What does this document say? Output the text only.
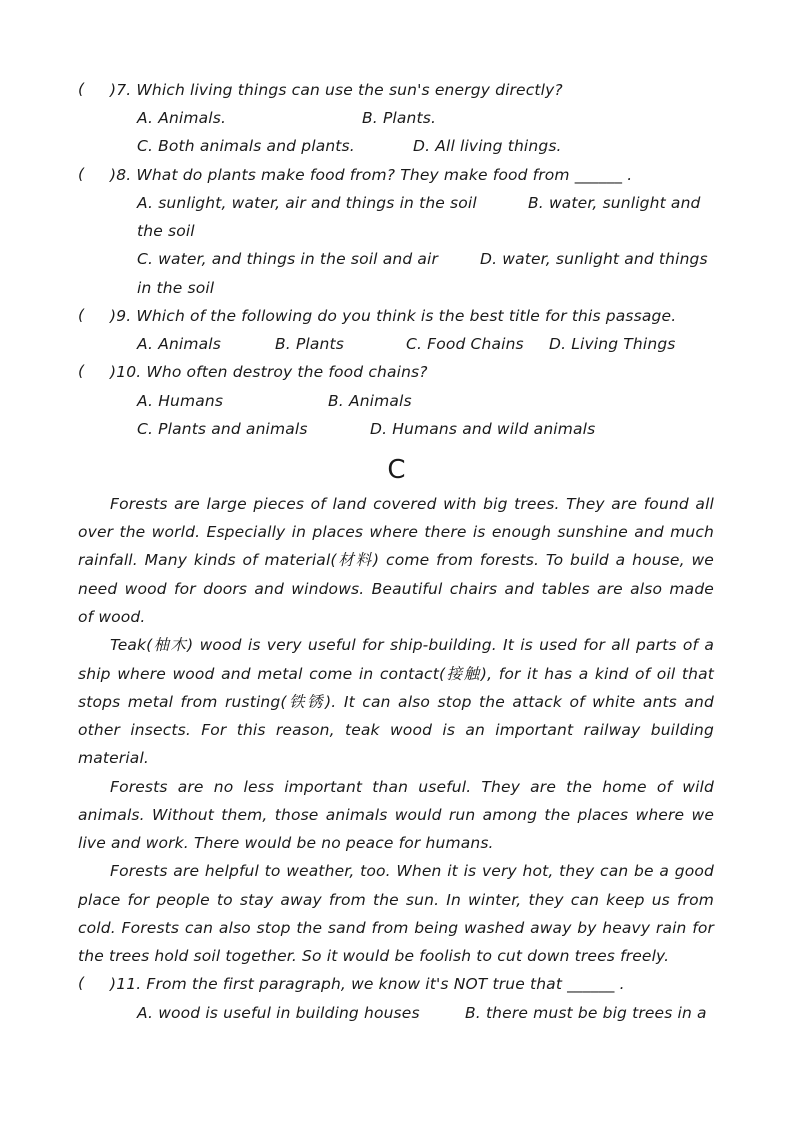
( )7. Which living things can use the sun's energy directly?
A. Animals.	B. Plants.
C. Both animals and plants.	D. All living things.
( )8. What do plants make food from? They make food from ______ .
A. sunlight, water, air and things in the soil	B. water, sunlight and
the soil
C. water, and things in the soil and air	D. water, sunlight and things
in the soil
( )9. Which of the following do you think is the best title for this passage.
A. Animals	B. Plants	C. Food Chains D. Living Things
( )10. Who often destroy the food chains?
A. Humans	B. Animals
C. Plants and animals	D. Humans and wild animals
C
Forests are large pieces of land covered with big trees. They are found all
over the world. Especially in places where there is enough sunshine and much
rainfall. Many kinds of material(材料) come from forests. To build a house, we
need wood for doors and windows. Beautiful chairs and tables are also made
of wood.
Teak(柚木) wood is very useful for ship-building. It is used for all parts of a
ship where wood and metal come in contact(接触), for it has a kind of oil that
stops metal from rusting(铁锈). It can also stop the attack of white ants and
other insects. For this reason, teak wood is an important railway building
material.
Forests are no less important than useful. They are the home of wild
animals. Without them, those animals would run among the places where we
live and work. There would be no peace for humans.
Forests are helpful to weather, too. When it is very hot, they can be a good
place for people to stay away from the sun. In winter, they can keep us from
cold. Forests can also stop the sand from being washed away by heavy rain for
the trees hold soil together. So it would be foolish to cut down trees freely.
( )11. From the first paragraph, we know it's NOT true that ______ .
A. wood is useful in building houses	B. there must be big trees in a
